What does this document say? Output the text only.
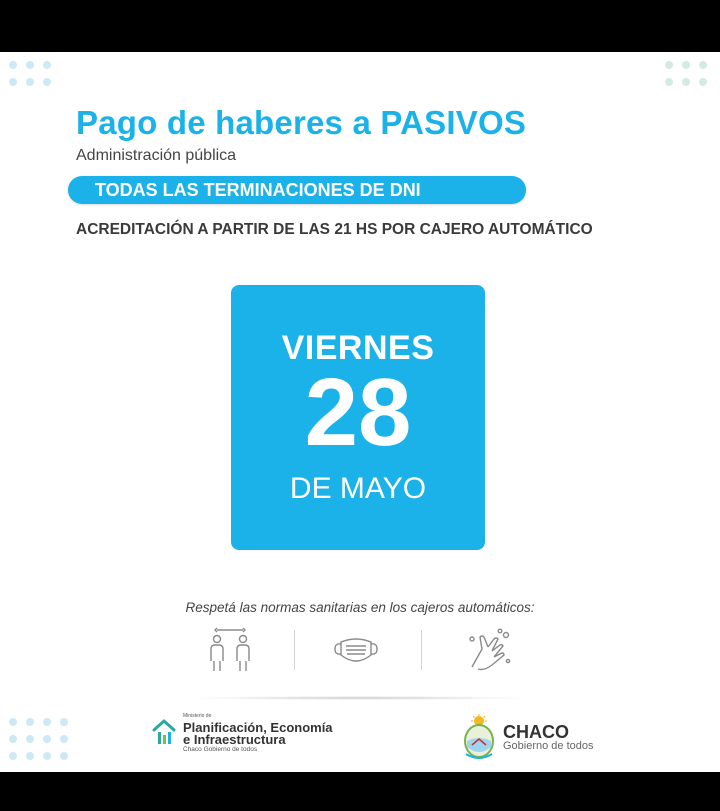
Pago de haberes a PASIVOS
Administración pública
TODAS LAS TERMINACIONES DE DNI
ACREDITACIÓN A PARTIR DE LAS 21 HS POR CAJERO AUTOMÁTICO
VIERNES
28
DE MAYO
Respetá las normas sanitarias en los cajeros automáticos:
Ministerio de
Planificación, Economía
e Infraestructura
Chaco Gobierno de todos
CHACO
Gobierno de todos
